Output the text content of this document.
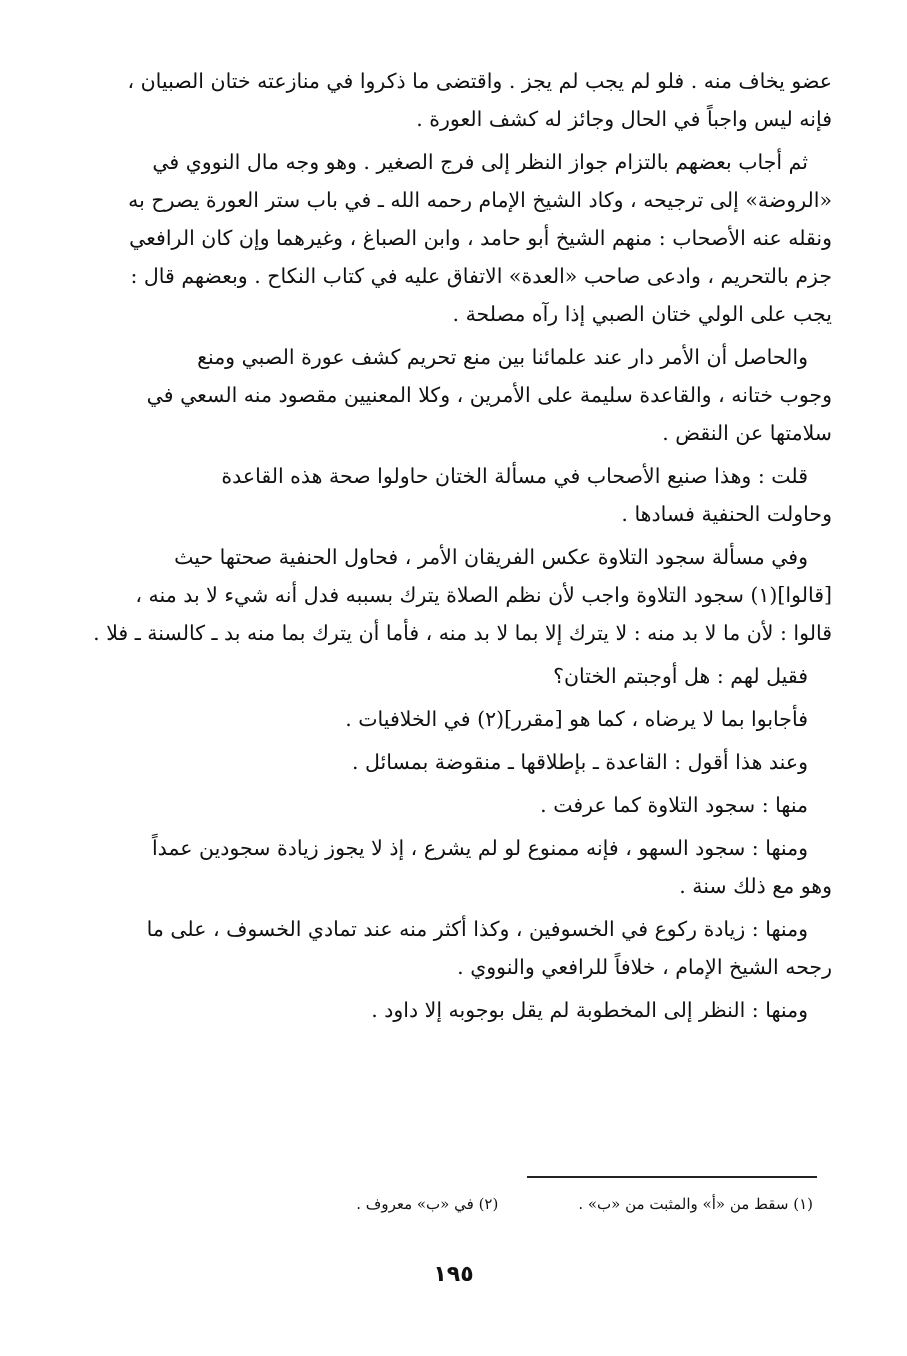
عضو يخاف منه . فلو لم يجب لم يجز . واقتضى ما ذكروا في منازعته ختان الصبيان ،
فإنه ليس واجباً في الحال وجائز له كشف العورة .
ثم أجاب بعضهم بالتزام جواز النظر إلى فرج الصغير . وهو وجه مال النووي في
«الروضة» إلى ترجيحه ، وكاد الشيخ الإمام رحمه الله ـ في باب ستر العورة يصرح به
ونقله عنه الأصحاب : منهم الشيخ أبو حامد ، وابن الصباغ ، وغيرهما وإن كان الرافعي
جزم بالتحريم ، وادعى صاحب «العدة» الاتفاق عليه في كتاب النكاح . وبعضهم قال :
يجب على الولي ختان الصبي إذا رآه مصلحة .
والحاصل أن الأمر دار عند علمائنا بين منع تحريم كشف عورة الصبي ومنع
وجوب ختانه ، والقاعدة سليمة على الأمرين ، وكلا المعنيين مقصود منه السعي في
سلامتها عن النقض .
قلت : وهذا صنيع الأصحاب في مسألة الختان حاولوا صحة هذه القاعدة
وحاولت الحنفية فسادها .
وفي مسألة سجود التلاوة عكس الفريقان الأمر ، فحاول الحنفية صحتها حيث
[قالوا](١) سجود التلاوة واجب لأن نظم الصلاة يترك بسببه فدل أنه شيء لا بد منه ،
قالوا : لأن ما لا بد منه : لا يترك إلا بما لا بد منه ، فأما أن يترك بما منه بد ـ كالسنة ـ فلا .
فقيل لهم : هل أوجبتم الختان؟
فأجابوا بما لا يرضاه ، كما هو [مقرر](٢) في الخلافيات .
وعند هذا أقول : القاعدة ـ بإطلاقها ـ منقوضة بمسائل .
منها : سجود التلاوة كما عرفت .
ومنها : سجود السهو ، فإنه ممنوع لو لم يشرع ، إذ لا يجوز زيادة سجودين عمداً
وهو مع ذلك سنة .
ومنها : زيادة ركوع في الخسوفين ، وكذا أكثر منه عند تمادي الخسوف ، على ما
رجحه الشيخ الإمام ، خلافاً للرافعي والنووي .
ومنها : النظر إلى المخطوبة لم يقل بوجوبه إلا داود .
(١) سقط من «أ» والمثبت من «ب» .
(٢) في «ب» معروف .
١٩٥
